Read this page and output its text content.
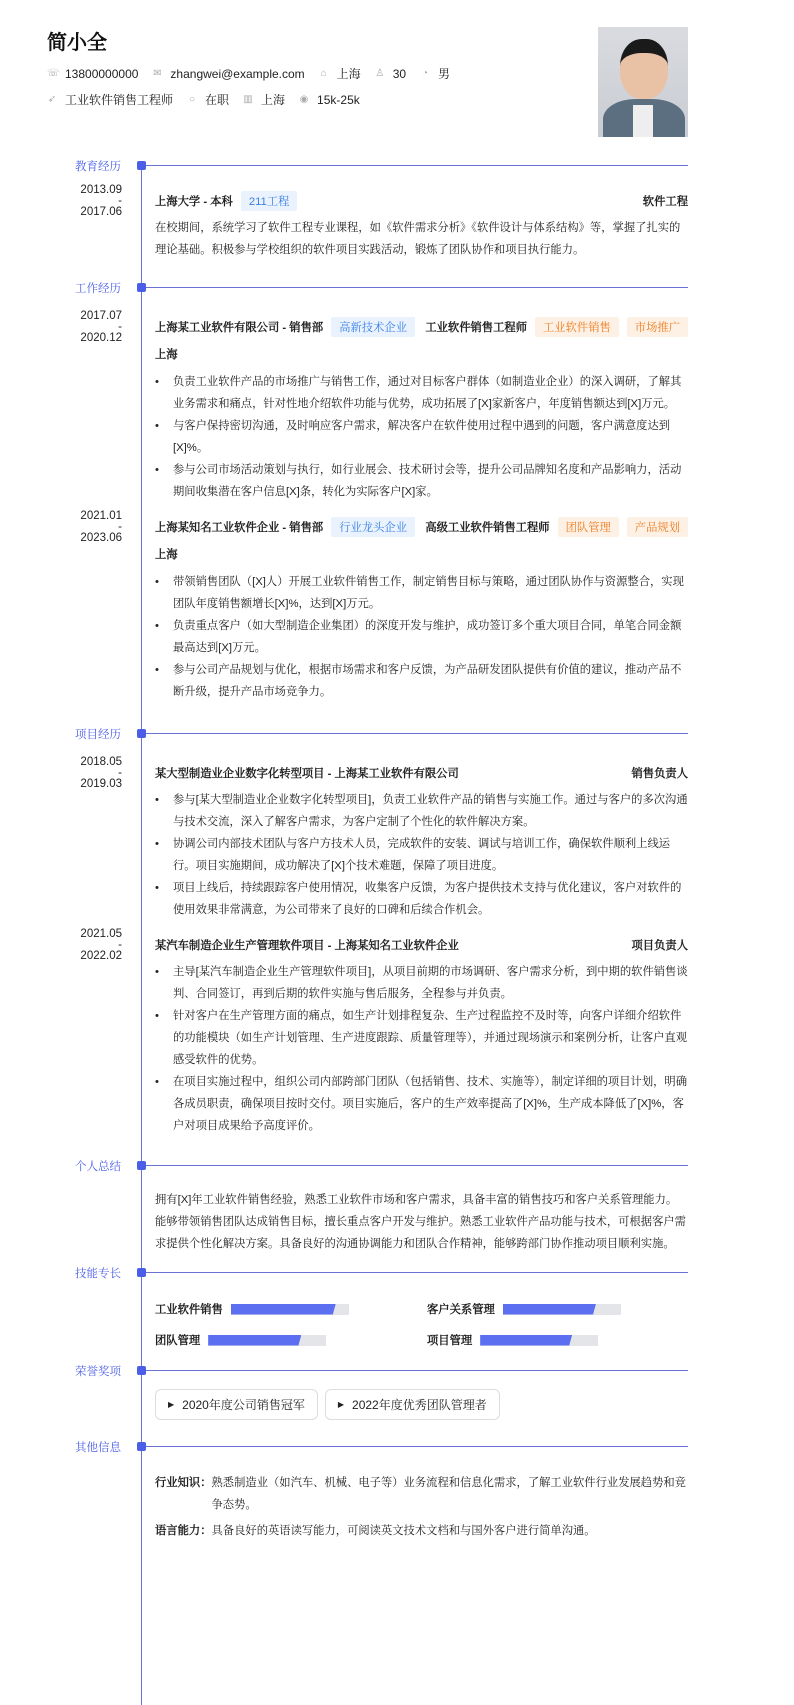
简小全
☏ 13800000000 ✉ zhangwei@example.com ⌂ 上海 ♙ 30 ◔ 男
➶ 工业软件销售工程师 ○ 在职 ▥ 上海 ◉ 15k-25k
教育经历
2013.09
-
2017.06
上海大学 - 本科	211工程	软件工程
在校期间，系统学习了软件工程专业课程，如《软件需求分析》《软件设计与体系结构》等，掌握了扎实的理论基础。积极参与学校组织的软件项目实践活动，锻炼了团队协作和项目执行能力。
工作经历
2017.07
-
2020.12
上海某工业软件有限公司 - 销售部	高新技术企业	工业软件销售工程师	工业软件销售	市场推广
上海
• 负责工业软件产品的市场推广与销售工作，通过对目标客户群体（如制造业企业）的深入调研，了解其业务需求和痛点，针对性地介绍软件功能与优势，成功拓展了[X]家新客户，年度销售额达到[X]万元。
• 与客户保持密切沟通，及时响应客户需求，解决客户在软件使用过程中遇到的问题，客户满意度达到[X]%。
• 参与公司市场活动策划与执行，如行业展会、技术研讨会等，提升公司品牌知名度和产品影响力，活动期间收集潜在客户信息[X]条，转化为实际客户[X]家。
2021.01
-
2023.06
上海某知名工业软件企业 - 销售部	行业龙头企业	高级工业软件销售工程师	团队管理	产品规划
上海
• 带领销售团队（[X]人）开展工业软件销售工作，制定销售目标与策略，通过团队协作与资源整合，实现团队年度销售额增长[X]%，达到[X]万元。
• 负责重点客户（如大型制造企业集团）的深度开发与维护，成功签订多个重大项目合同，单笔合同金额最高达到[X]万元。
• 参与公司产品规划与优化，根据市场需求和客户反馈，为产品研发团队提供有价值的建议，推动产品不断升级，提升产品市场竞争力。
项目经历
2018.05
-
2019.03
某大型制造业企业数字化转型项目 - 上海某工业软件有限公司	销售负责人
• 参与[某大型制造业企业数字化转型项目]，负责工业软件产品的销售与实施工作。通过与客户的多次沟通与技术交流，深入了解客户需求，为客户定制了个性化的软件解决方案。
• 协调公司内部技术团队与客户方技术人员，完成软件的安装、调试与培训工作，确保软件顺利上线运行。项目实施期间，成功解决了[X]个技术难题，保障了项目进度。
• 项目上线后，持续跟踪客户使用情况，收集客户反馈，为客户提供技术支持与优化建议，客户对软件的使用效果非常满意，为公司带来了良好的口碑和后续合作机会。
2021.05
-
2022.02
某汽车制造企业生产管理软件项目 - 上海某知名工业软件企业	项目负责人
• 主导[某汽车制造企业生产管理软件项目]，从项目前期的市场调研、客户需求分析，到中期的软件销售谈判、合同签订，再到后期的软件实施与售后服务，全程参与并负责。
• 针对客户在生产管理方面的痛点，如生产计划排程复杂、生产过程监控不及时等，向客户详细介绍软件的功能模块（如生产计划管理、生产进度跟踪、质量管理等），并通过现场演示和案例分析，让客户直观感受软件的优势。
• 在项目实施过程中，组织公司内部跨部门团队（包括销售、技术、实施等），制定详细的项目计划，明确各成员职责，确保项目按时交付。项目实施后，客户的生产效率提高了[X]%，生产成本降低了[X]%，客户对项目成果给予高度评价。
个人总结
拥有[X]年工业软件销售经验，熟悉工业软件市场和客户需求，具备丰富的销售技巧和客户关系管理能力。能够带领销售团队达成销售目标，擅长重点客户开发与维护。熟悉工业软件产品功能与技术，可根据客户需求提供个性化解决方案。具备良好的沟通协调能力和团队合作精神，能够跨部门协作推动项目顺利实施。
技能专长
工业软件销售	客户关系管理
团队管理	项目管理
荣誉奖项
▶ 2020年度公司销售冠军	▶ 2022年度优秀团队管理者
其他信息
行业知识： 熟悉制造业（如汽车、机械、电子等）业务流程和信息化需求，了解工业软件行业发展趋势和竞争态势。
语言能力： 具备良好的英语读写能力，可阅读英文技术文档和与国外客户进行简单沟通。
